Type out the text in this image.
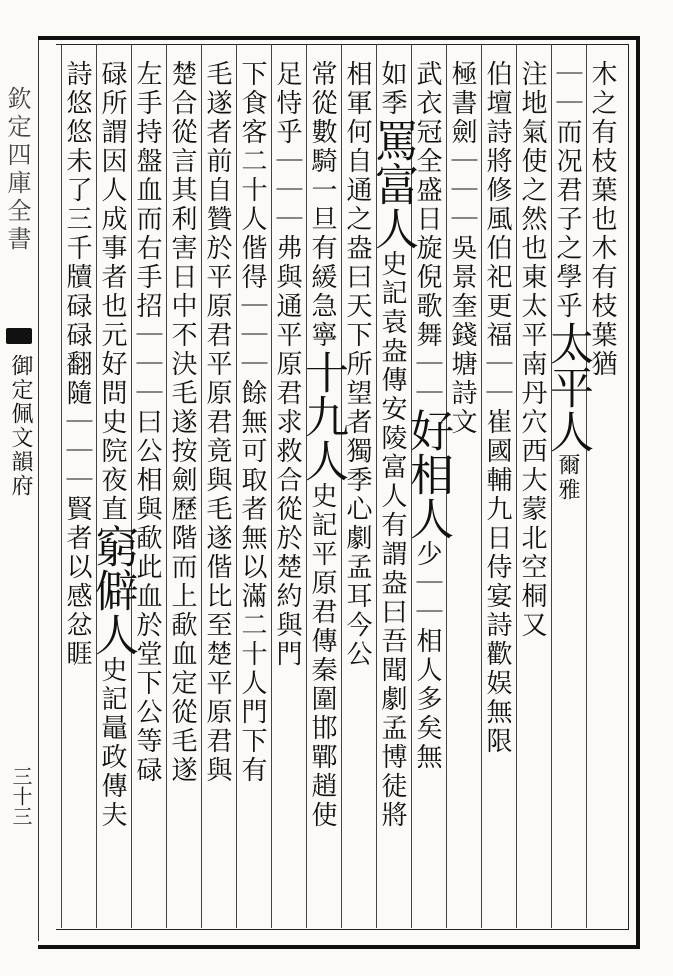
欽定四庫全書
御定佩文韻府
三十三
木之有枝葉也木有枝葉猶
｜｜而况君子之學乎太平人爾雅
注地氣使之然也東太平南丹穴西大蒙北空桐又
伯壇詩將修風伯祀更福｜｜崔國輔九日侍宴詩歡娱無限
極書劍｜｜｜吳景奎錢塘詩文
武衣冠全盛日旋倪歌舞｜｜好相人少｜｜相人多矣無
如季罵富人史記袁盎傳安陵富人有謂盎曰吾聞劇孟博徒將
相軍何自通之盎曰天下所望者獨季心劇孟耳今公
常從數騎一旦有緩急寧十九人史記平原君傳秦圍邯鄲趙使
足恃乎｜｜｜弗與通平原君求救合從於楚約與門
下食客二十人偕得｜｜｜餘無可取者無以滿二十人門下有
毛遂者前自贊於平原君平原君竟與毛遂偕比至楚平原君與
楚合從言其利害日中不決毛遂按劍歷階而上歃血定從毛遂
左手持盤血而右手招｜｜｜曰公相與歃此血於堂下公等碌
碌所謂因人成事者也元好問史院夜直窮僻人史記鼂政傳夫
詩悠悠未了三千牘碌碌翻隨｜｜｜賢者以感忿睚
